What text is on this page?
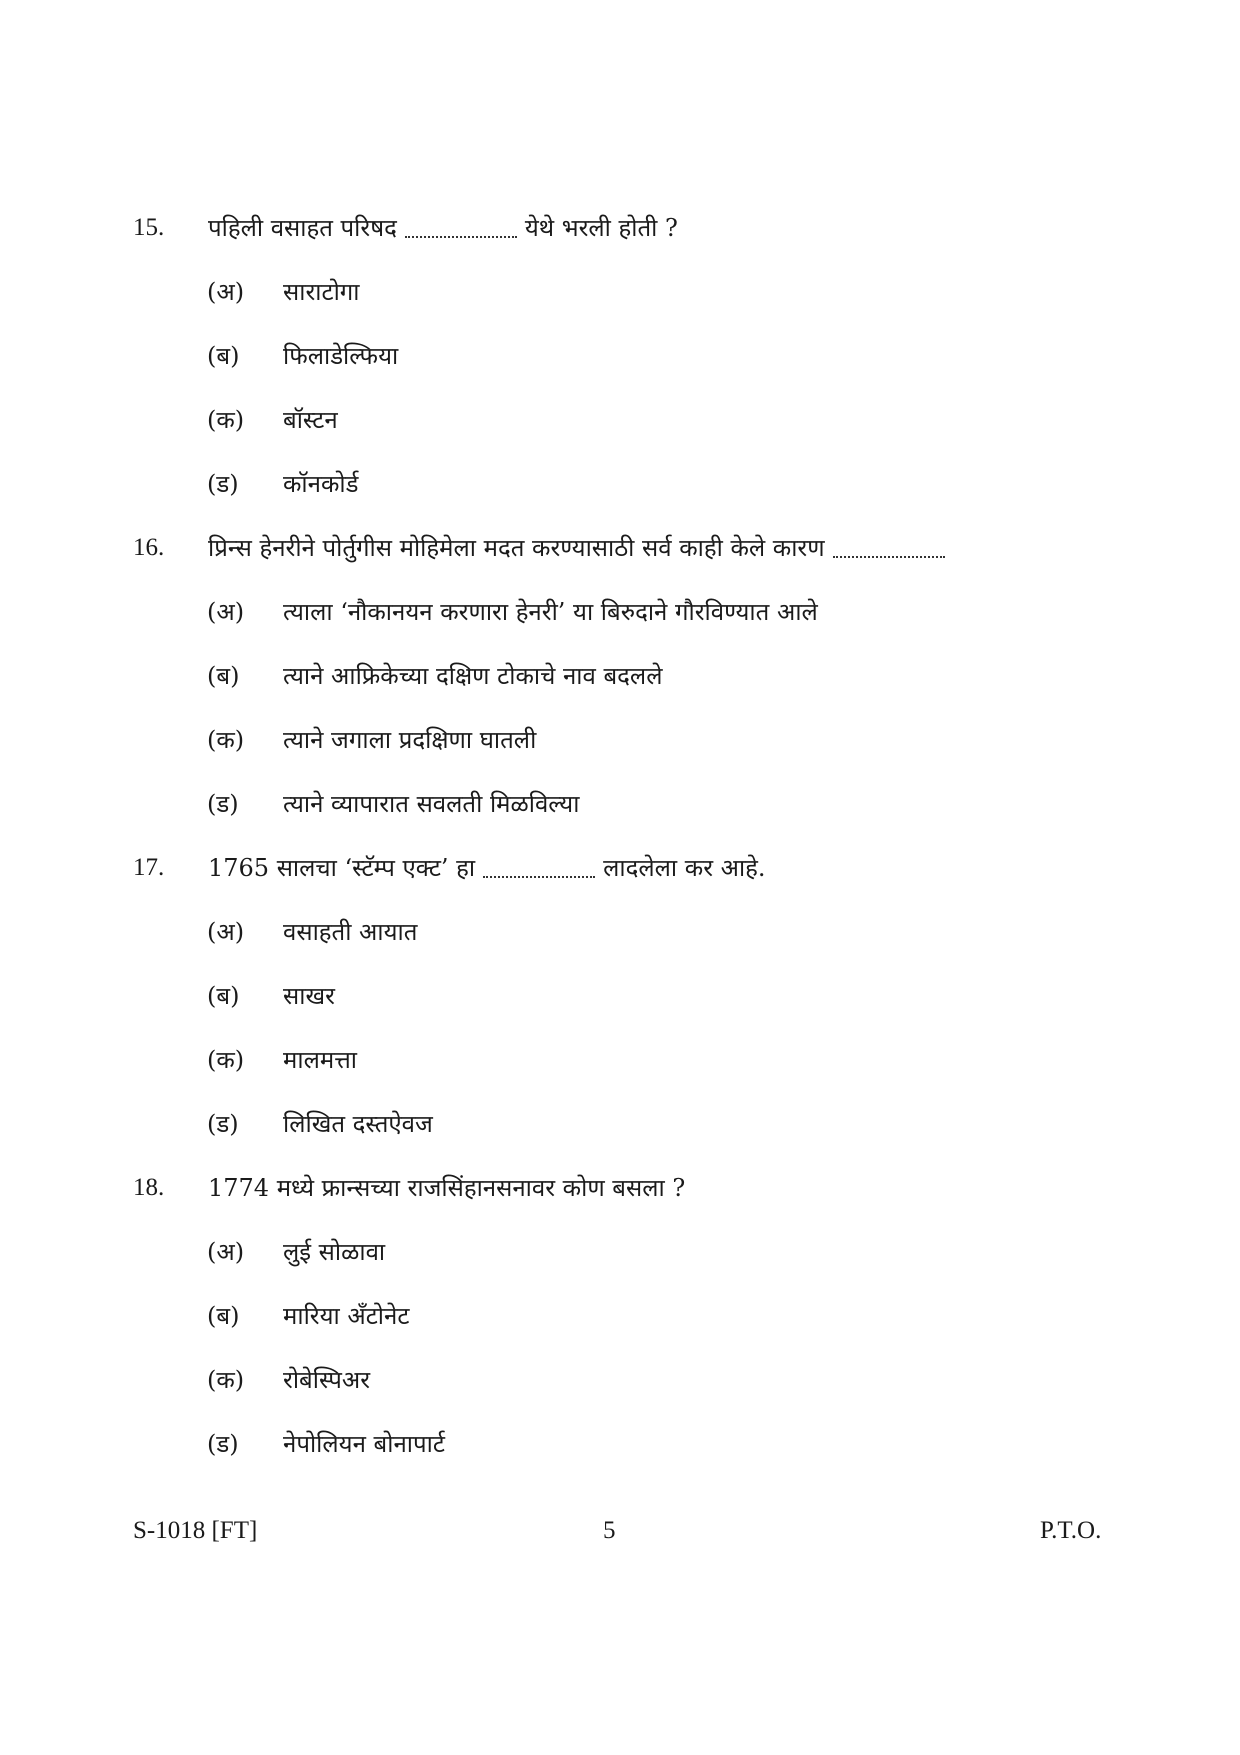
15. पहिली वसाहत परिषद	येथे भरली होती ?
(अ) साराटोगा
(ब) फिलाडेल्फिया
(क) बॉस्टन
(ड) कॉनकोर्ड
16. प्रिन्स हेनरीने पोर्तुगीस मोहिमेला मदत करण्यासाठी सर्व काही केले कारण
(अ) त्याला ‘नौकानयन करणारा हेनरी’ या बिरुदाने गौरविण्यात आले
(ब) त्याने आफ्रिकेच्या दक्षिण टोकाचे नाव बदलले
(क) त्याने जगाला प्रदक्षिणा घातली
(ड) त्याने व्यापारात सवलती मिळविल्या
17. 1765 सालचा ‘स्टॅम्प एक्ट’ हा	लादलेला कर आहे.
(अ) वसाहती आयात
(ब) साखर
(क) मालमत्ता
(ड) लिखित दस्तऐवज
18. 1774 मध्ये फ्रान्सच्या राजसिंहानसनावर कोण बसला ?
(अ) लुई सोळावा
(ब) मारिया अँटोनेट
(क) रोबेस्पिअर
(ड) नेपोलियन बोनापार्ट
S-1018 [FT]	5	P.T.O.
